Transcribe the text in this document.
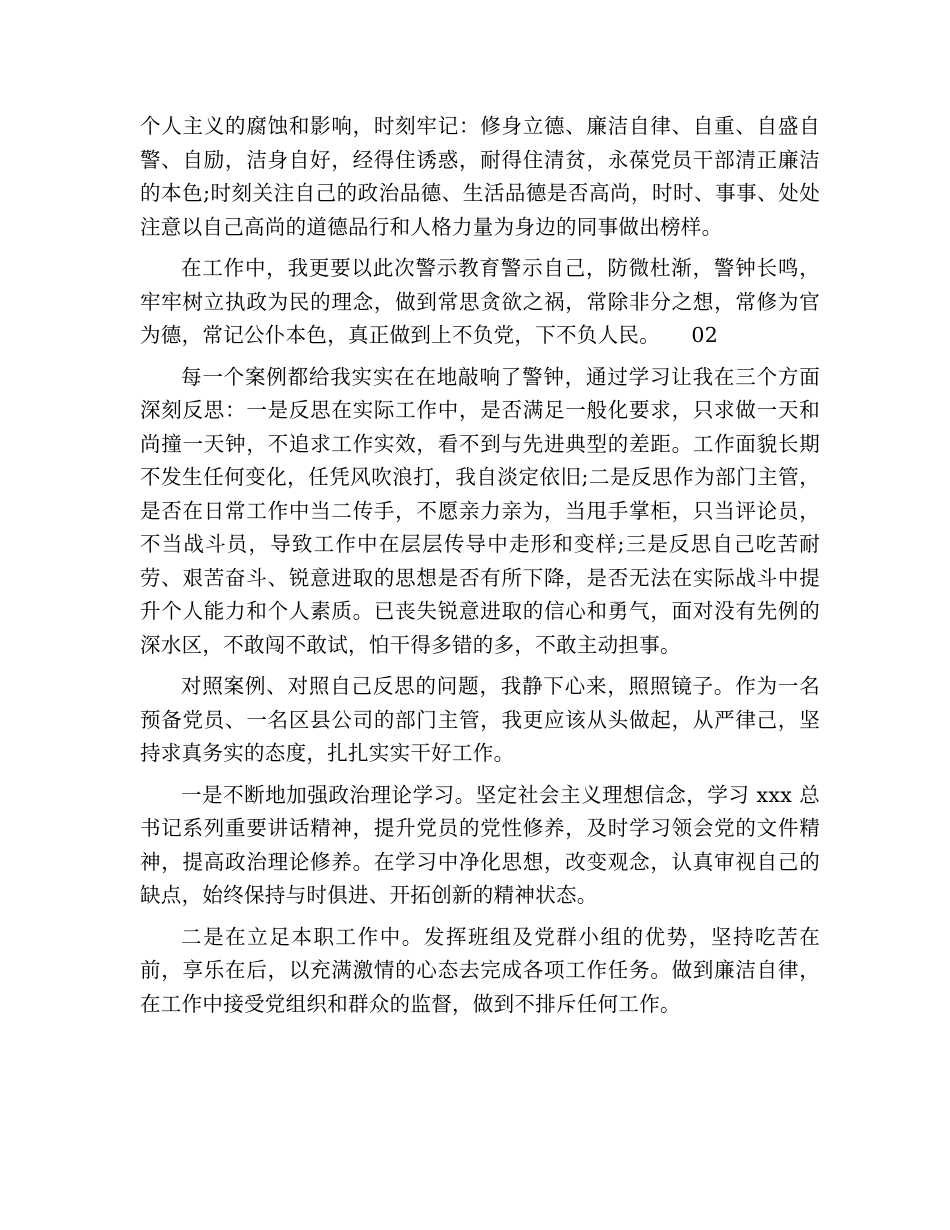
个人主义的腐蚀和影响，时刻牢记：修身立德、廉洁自律、自重、自盛自警、自励，洁身自好，经得住诱惑，耐得住清贫，永葆党员干部清正廉洁的本色;时刻关注自己的政治品德、生活品德是否高尚，时时、事事、处处注意以自己高尚的道德品行和人格力量为身边的同事做出榜样。

在工作中，我更要以此次警示教育警示自己，防微杜渐，警钟长鸣，牢牢树立执政为民的理念，做到常思贪欲之祸，常除非分之想，常修为官为德，常记公仆本色，真正做到上不负党，下不负人民。　　02

每一个案例都给我实实在在地敲响了警钟，通过学习让我在三个方面深刻反思：一是反思在实际工作中，是否满足一般化要求，只求做一天和尚撞一天钟，不追求工作实效，看不到与先进典型的差距。工作面貌长期不发生任何变化，任凭风吹浪打，我自淡定依旧;二是反思作为部门主管，是否在日常工作中当二传手，不愿亲力亲为，当甩手掌柜，只当评论员，不当战斗员，导致工作中在层层传导中走形和变样;三是反思自己吃苦耐劳、艰苦奋斗、锐意进取的思想是否有所下降，是否无法在实际战斗中提升个人能力和个人素质。已丧失锐意进取的信心和勇气，面对没有先例的深水区，不敢闯不敢试，怕干得多错的多，不敢主动担事。

对照案例、对照自己反思的问题，我静下心来，照照镜子。作为一名预备党员、一名区县公司的部门主管，我更应该从头做起，从严律己，坚持求真务实的态度，扎扎实实干好工作。

一是不断地加强政治理论学习。坚定社会主义理想信念，学习 xxx 总书记系列重要讲话精神，提升党员的党性修养，及时学习领会党的文件精神，提高政治理论修养。在学习中净化思想，改变观念，认真审视自己的缺点，始终保持与时俱进、开拓创新的精神状态。

二是在立足本职工作中。发挥班组及党群小组的优势，坚持吃苦在前，享乐在后，以充满激情的心态去完成各项工作任务。做到廉洁自律，在工作中接受党组织和群众的监督，做到不排斥任何工作。
